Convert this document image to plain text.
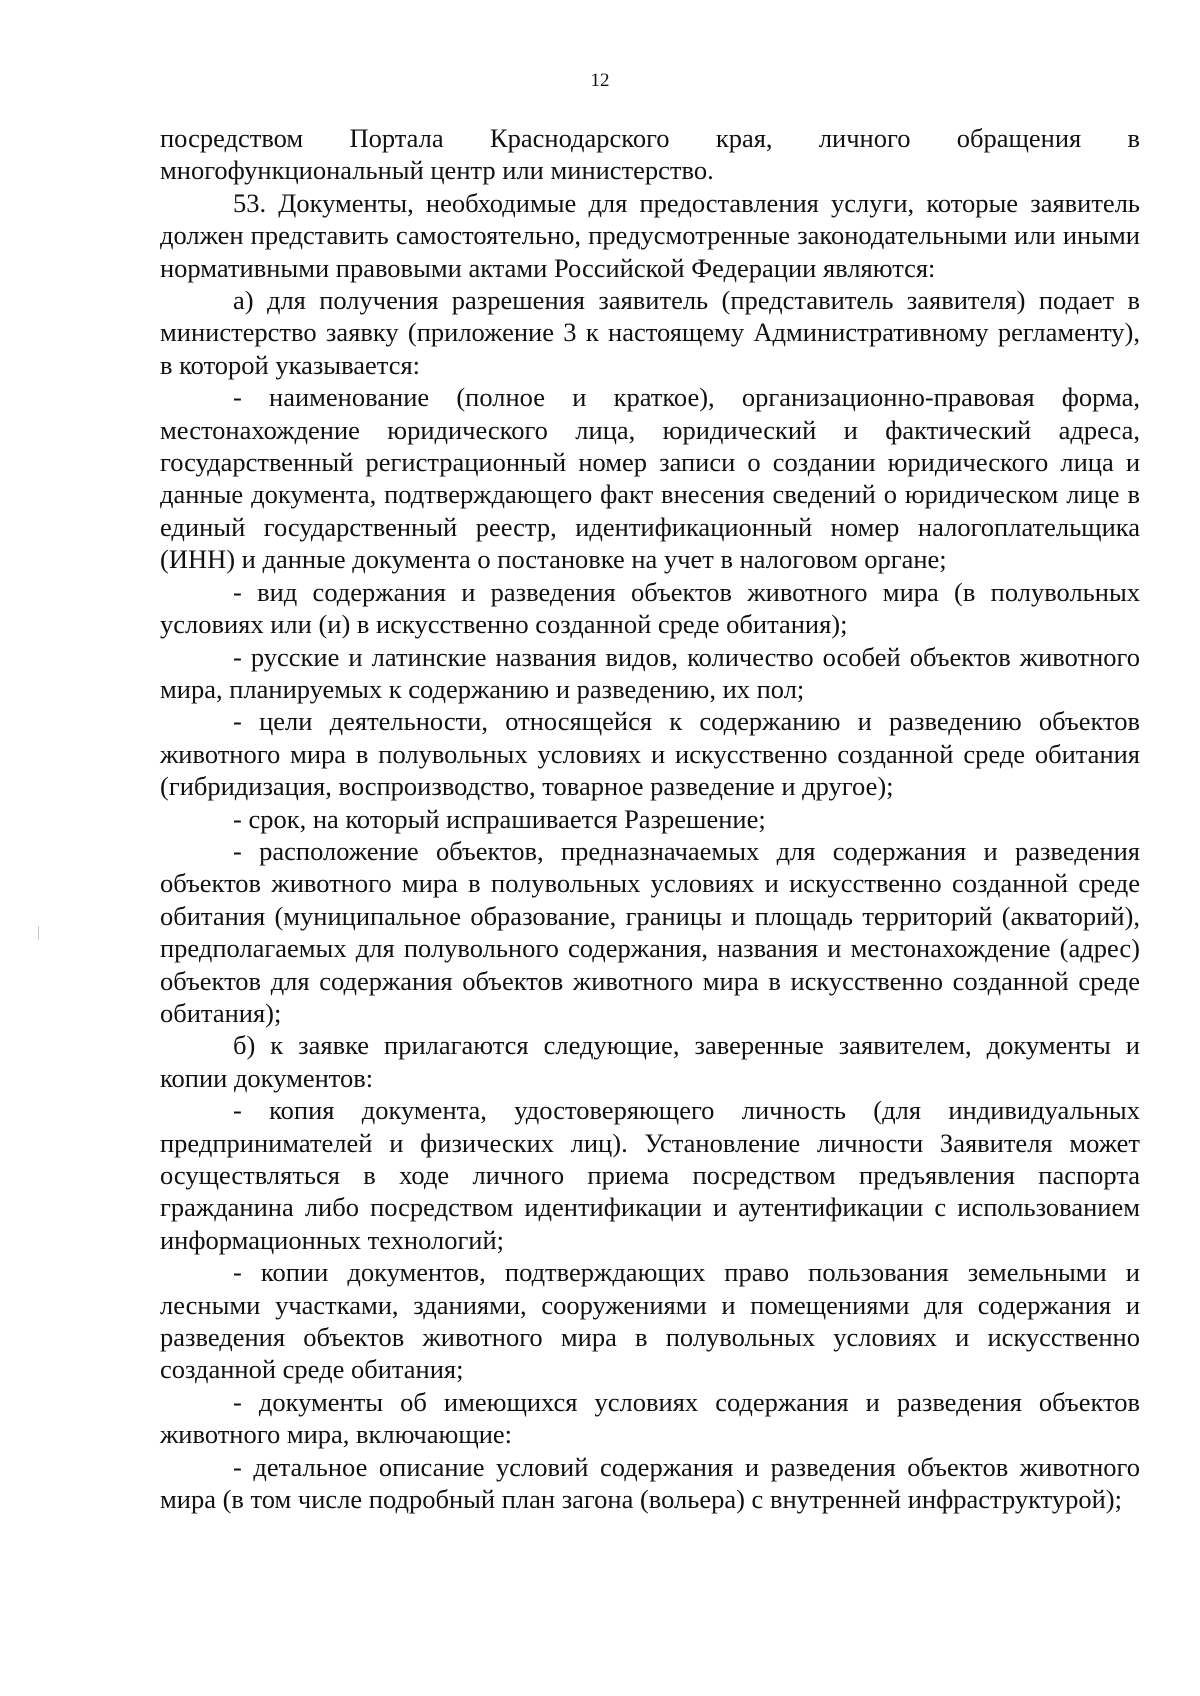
12

посредством Портала Краснодарского края, личного обращения в многофункциональный центр или министерство.

53. Документы, необходимые для предоставления услуги, которые заявитель должен представить самостоятельно, предусмотренные законодательными или иными нормативными правовыми актами Российской Федерации являются:

а) для получения разрешения заявитель (представитель заявителя) подает в министерство заявку (приложение 3 к настоящему Административному регламенту), в которой указывается:

- наименование (полное и краткое), организационно-правовая форма, местонахождение юридического лица, юридический и фактический адреса, государственный регистрационный номер записи о создании юридического лица и данные документа, подтверждающего факт внесения сведений о юридическом лице в единый государственный реестр, идентификационный номер налогоплательщика (ИНН) и данные документа о постановке на учет в налоговом органе;

- вид содержания и разведения объектов животного мира (в полувольных условиях или (и) в искусственно созданной среде обитания);

- русские и латинские названия видов, количество особей объектов животного мира, планируемых к содержанию и разведению, их пол;

- цели деятельности, относящейся к содержанию и разведению объектов животного мира в полувольных условиях и искусственно созданной среде обитания (гибридизация, воспроизводство, товарное разведение и другое);

- срок, на который испрашивается Разрешение;

- расположение объектов, предназначаемых для содержания и разведения объектов животного мира в полувольных условиях и искусственно созданной среде обитания (муниципальное образование, границы и площадь территорий (акваторий), предполагаемых для полувольного содержания, названия и местонахождение (адрес) объектов для содержания объектов животного мира в искусственно созданной среде обитания);

б) к заявке прилагаются следующие, заверенные заявителем, документы и копии документов:

- копия документа, удостоверяющего личность (для индивидуальных предпринимателей и физических лиц). Установление личности Заявителя может осуществляться в ходе личного приема посредством предъявления паспорта гражданина либо посредством идентификации и аутентификации с использованием информационных технологий;

- копии документов, подтверждающих право пользования земельными и лесными участками, зданиями, сооружениями и помещениями для содержания и разведения объектов животного мира в полувольных условиях и искусственно созданной среде обитания;

- документы об имеющихся условиях содержания и разведения объектов животного мира, включающие:

- детальное описание условий содержания и разведения объектов животного мира (в том числе подробный план загона (вольера) с внутренней инфраструктурой);
